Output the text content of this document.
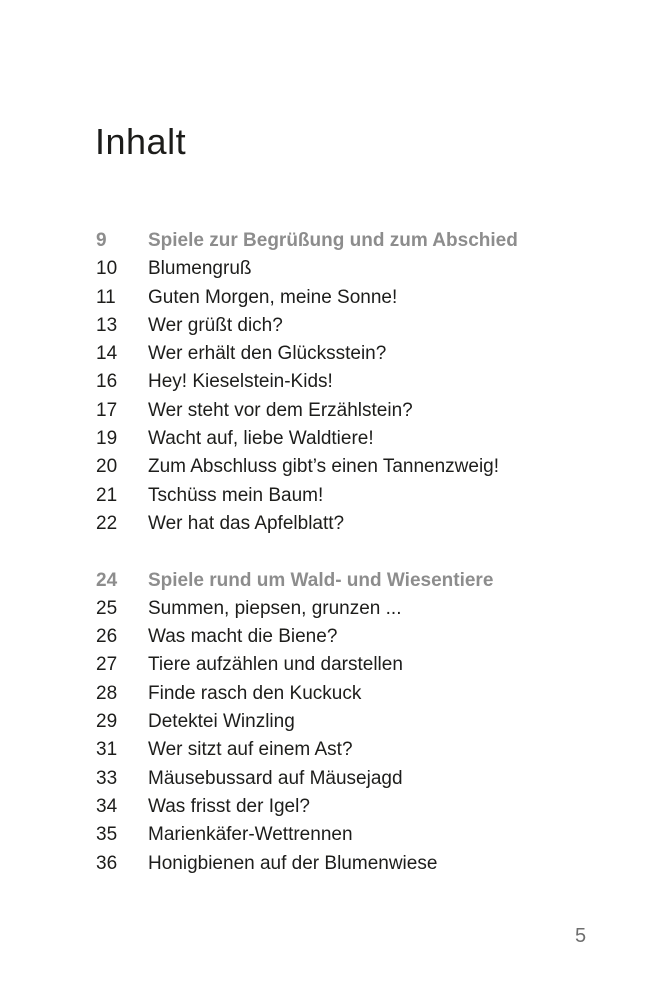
Inhalt
9	Spiele zur Begrüßung und zum Abschied
10	Blumengruß
11	Guten Morgen, meine Sonne!
13	Wer grüßt dich?
14	Wer erhält den Glücksstein?
16	Hey! Kieselstein-Kids!
17	Wer steht vor dem Erzählstein?
19	Wacht auf, liebe Waldtiere!
20	Zum Abschluss gibt’s einen Tannenzweig!
21	Tschüss mein Baum!
22	Wer hat das Apfelblatt?
24	Spiele rund um Wald- und Wiesentiere
25	Summen, piepsen, grunzen ...
26	Was macht die Biene?
27	Tiere aufzählen und darstellen
28	Finde rasch den Kuckuck
29	Detektei Winzling
31	Wer sitzt auf einem Ast?
33	Mäusebussard auf Mäusejagd
34	Was frisst der Igel?
35	Marienkäfer-Wettrennen
36	Honigbienen auf der Blumenwiese
5
